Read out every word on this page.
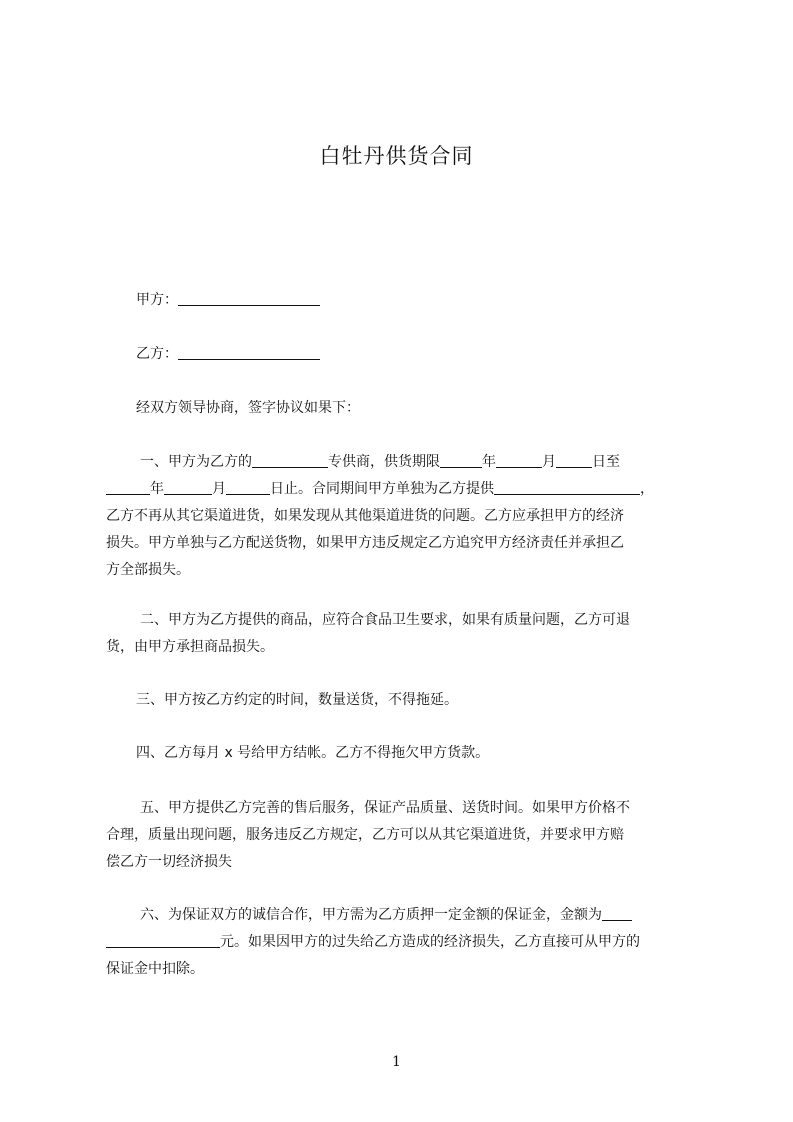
白牡丹供货合同

甲方：

乙方：

经双方领导协商，签字协议如果下：

一、甲方为乙方的	专供商，供货期限	年	月	日至

年	月	日止。合同期间甲方单独为乙方提供	，

乙方不再从其它渠道进货，如果发现从其他渠道进货的问题。乙方应承担甲方的经济

损失。甲方单独与乙方配送货物，如果甲方违反规定乙方追究甲方经济责任并承担乙

方全部损失。

二、甲方为乙方提供的商品，应符合食品卫生要求，如果有质量问题，乙方可退

货，由甲方承担商品损失。

三、甲方按乙方约定的时间，数量送货，不得拖延。

四、乙方每月 x 号给甲方结帐。乙方不得拖欠甲方货款。

五、甲方提供乙方完善的售后服务，保证产品质量、送货时间。如果甲方价格不

合理，质量出现问题，服务违反乙方规定，乙方可以从其它渠道进货，并要求甲方赔

偿乙方一切经济损失

六、为保证双方的诚信合作，甲方需为乙方质押一定金额的保证金，金额为

元。如果因甲方的过失给乙方造成的经济损失，乙方直接可从甲方的

保证金中扣除。

1
